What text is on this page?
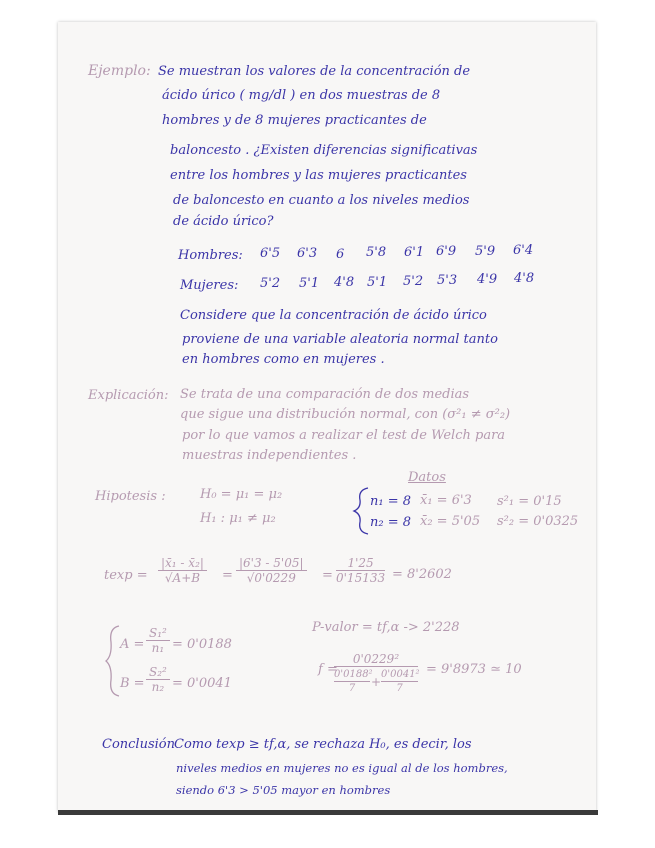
Ejemplo: Se muestran los valores de la concentración de
ácido úrico ( mg/dl ) en dos muestras de 8
hombres y de 8 mujeres practicantes de
baloncesto . ¿Existen diferencias significativas
entre los hombres y las mujeres practicantes
de baloncesto en cuanto a los niveles medios
de ácido úrico?
Hombres: 6'5 6'3 6 5'8 6'1 6'9 5'9 6'4
Mujeres: 5'2 5'1 4'8 5'1 5'2 5'3 4'9 4'8
Considere que la concentración de ácido úrico
proviene de una variable aleatoria normal tanto
en hombres como en mujeres .
Explicación: Se trata de una comparación de dos medias
que sigue una distribución normal, con (σ²₁ ≠ σ²₂)
por lo que vamos a realizar el test de Welch para
muestras independientes .
Hipotesis :	H₀ = μ₁ = μ₂
H₁ : μ₁ ≠ μ₂
Datos
n₁ = 8
n₂ = 8
x̄₁ = 6'3
x̄₂ = 5'05
s²₁ = 0'15
s²₂ = 0'0325
$texp = \frac{\text{|x̄₁ - x̄₂|}}{√A+B} = \frac{|6'3 - 5'05|}{√0'0229} = \frac{1'25}{0'15133} = 8'2602$
$A = \frac{\text{S₁²}}{\text{n₁}} = 0'0188$
$B = \frac{\text{S₂²}}{\text{n₂}} = 0'0041$
P-valor = tf,α -> 2'228
f =
0'0229²
0'0188²
7	+
0'0041²
7
= 9'8973 ≃ 10
Conclusión Como texp ≥ tf,α, se rechaza H₀, es decir, los
niveles medios en mujeres no es igual al de los hombres,
siendo 6'3 > 5'05 mayor en hombres
